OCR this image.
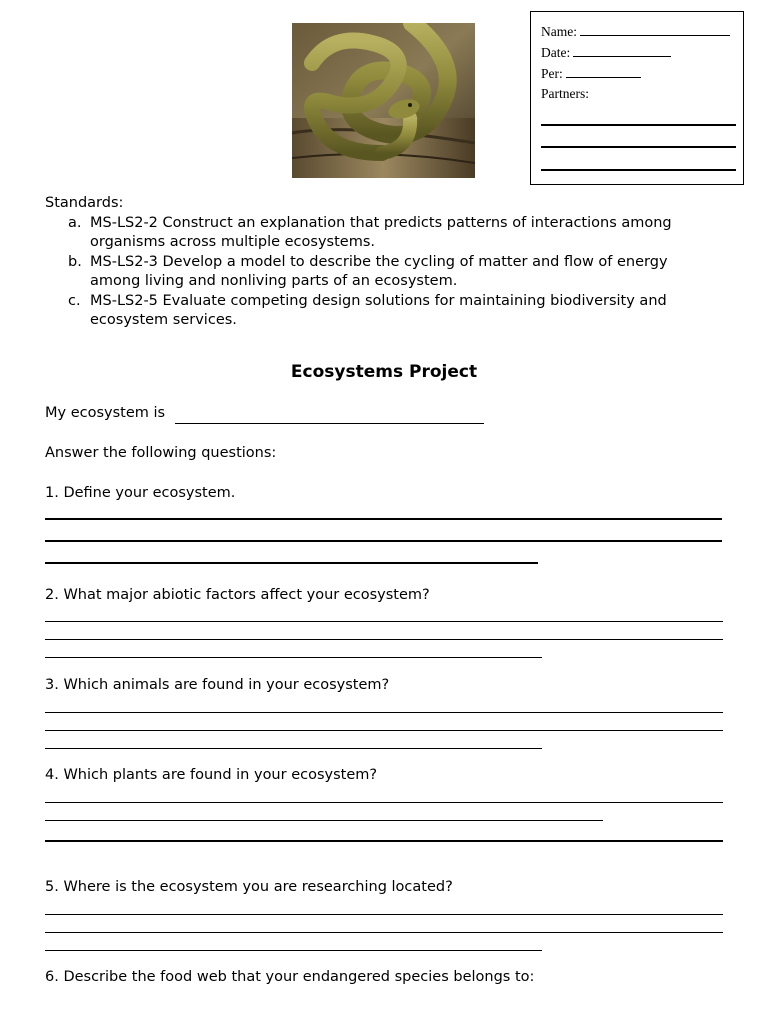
Name:
Date:
Per:
Partners:
Standards:
a. MS-LS2-2 Construct an explanation that predicts patterns of interactions among organisms across multiple ecosystems.
b. MS-LS2-3 Develop a model to describe the cycling of matter and flow of energy among living and nonliving parts of an ecosystem.
c. MS-LS2-5 Evaluate competing design solutions for maintaining biodiversity and ecosystem services.
Ecosystems Project
My ecosystem is
Answer the following questions:
1. Define your ecosystem.
2. What major abiotic factors affect your ecosystem?
3. Which animals are found in your ecosystem?
4. Which plants are found in your ecosystem?
5. Where is the ecosystem you are researching located?
6. Describe the food web that your endangered species belongs to:
